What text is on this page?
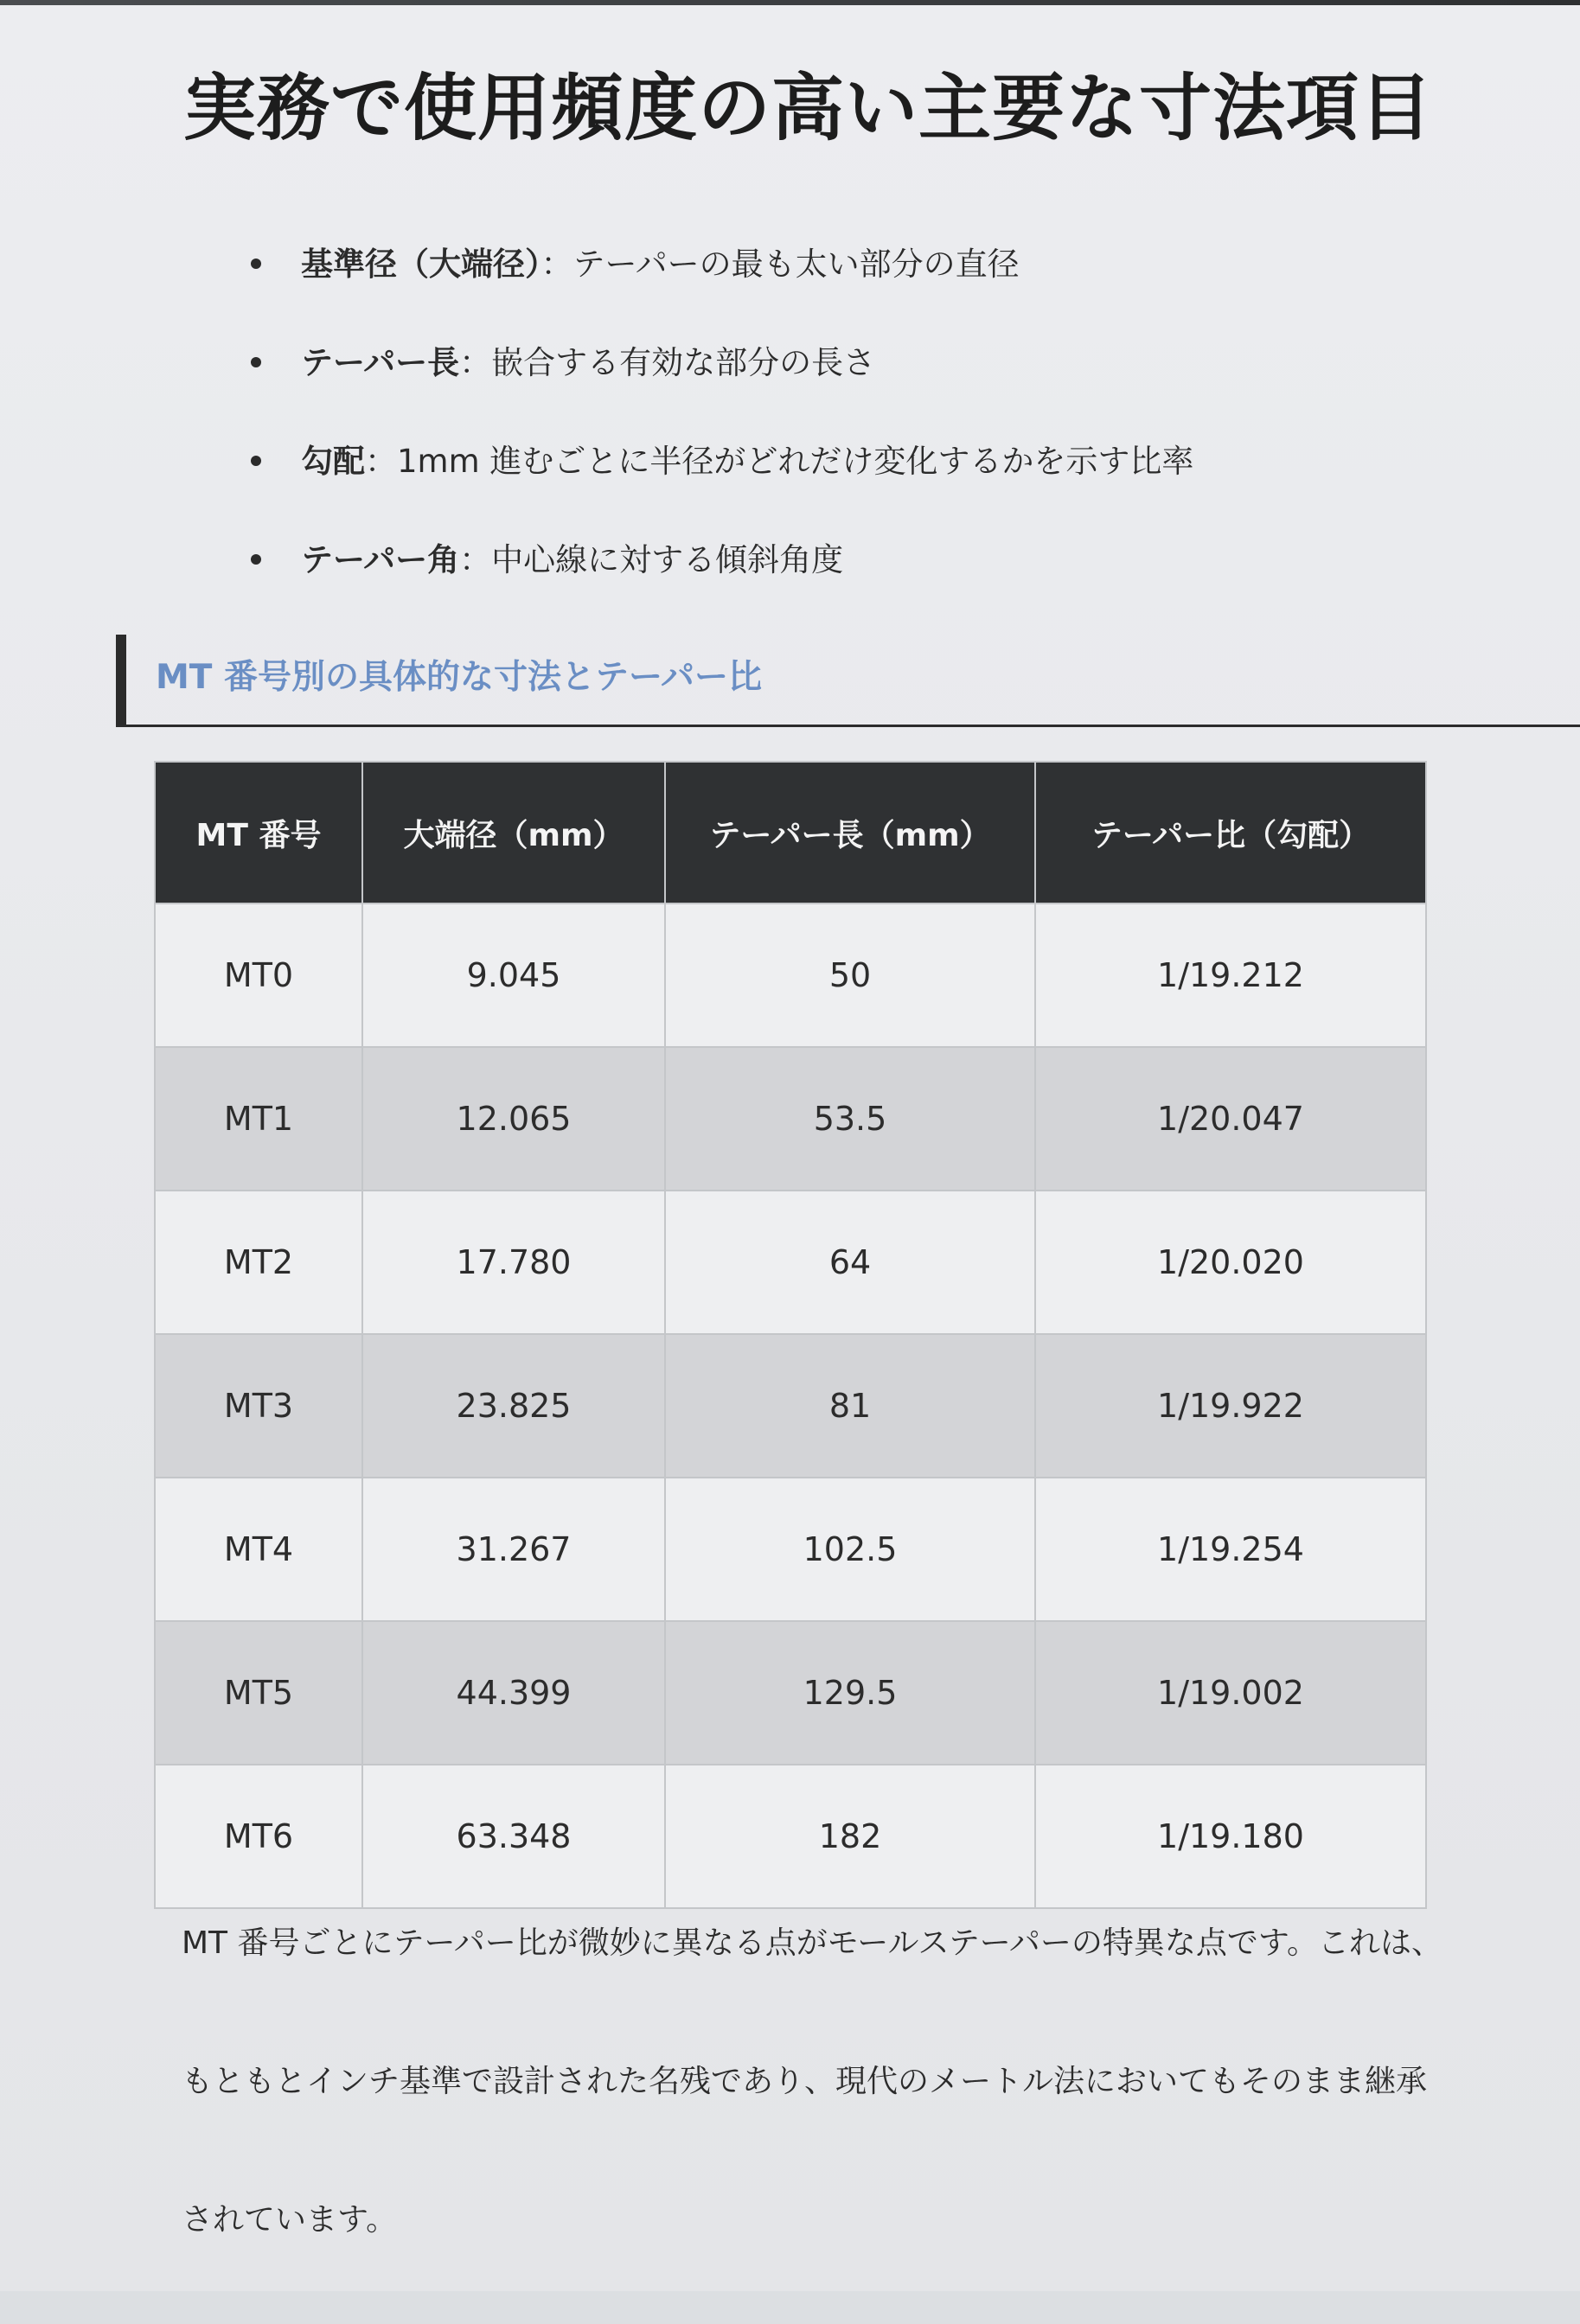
実務で使用頻度の高い主要な寸法項目
基準径（大端径）：テーパーの最も太い部分の直径
テーパー長：嵌合する有効な部分の長さ
勾配：1mm 進むごとに半径がどれだけ変化するかを示す比率
テーパー角：中心線に対する傾斜角度
MT 番号別の具体的な寸法とテーパー比
MT 番号	大端径（mm）	テーパー長（mm）	テーパー比（勾配）
MT0	9.045	50	1/19.212
MT1	12.065	53.5	1/20.047
MT2	17.780	64	1/20.020
MT3	23.825	81	1/19.922
MT4	31.267	102.5	1/19.254
MT5	44.399	129.5	1/19.002
MT6	63.348	182	1/19.180

MT 番号ごとにテーパー比が微妙に異なる点がモールステーパーの特異な点です。これは、

もともとインチ基準で設計された名残であり、現代のメートル法においてもそのまま継承

されています。
